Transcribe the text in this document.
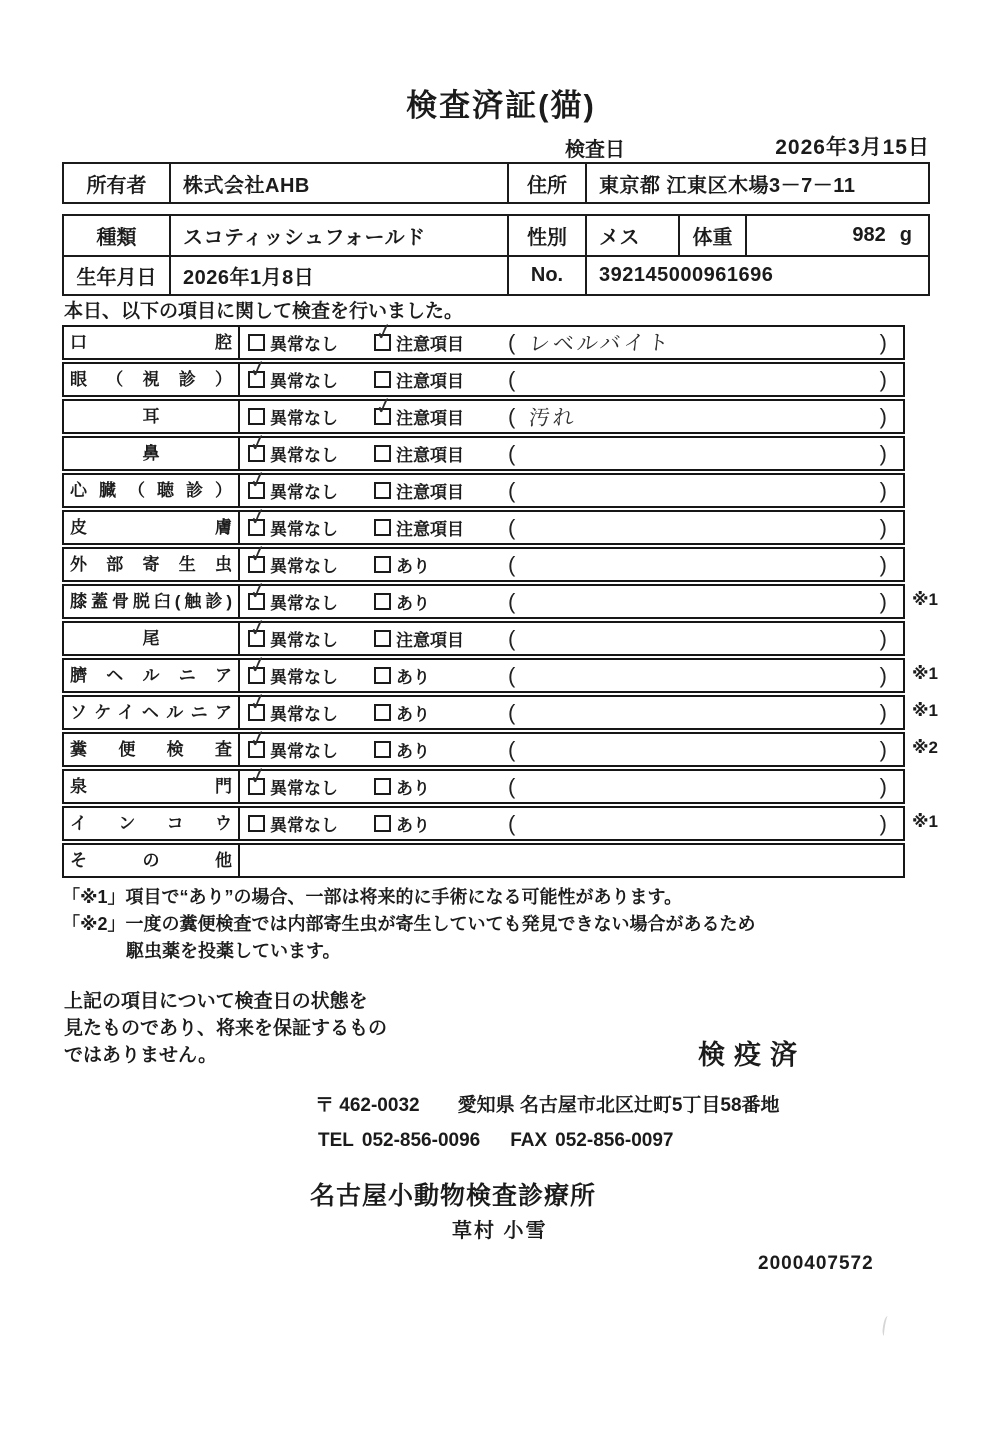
検査済証(猫)
検査日	2026年3月15日
所有者	株式会社AHB	住所	東京都 江東区木場3－7－11
種類	スコティッシュフォールド	性別	メス	体重	982 g
生年月日	2026年1月8日	No.	392145000961696
本日、以下の項目に関して検査を行いました。
口腔	異常なし ✓ 注意項目 ( レベルバイト	)
眼（視診） ✓ 異常なし	注意項目 (	)
耳	異常なし ✓ 注意項目 ( 汚れ	)
鼻	✓ 異常なし	注意項目 (	)
心臓（聴診） ✓ 異常なし	注意項目 (	)
皮膚 ✓ 異常なし	注意項目 (	)
外部寄生虫 ✓ 異常なし	あり	(	)
膝蓋骨脱臼(触診) ✓ 異常なし	あり	(	) ※1
尾	✓ 異常なし	注意項目 (	)
臍ヘルニア ✓ 異常なし	あり	(	) ※1
ソケイヘルニア ✓ 異常なし	あり	(	) ※1
糞便検査 ✓ 異常なし	あり	(	) ※2
泉門 ✓ 異常なし	あり	(	)
インコウ	異常なし	あり	(	) ※1
その他
「※1」項目で“あり”の場合、一部は将来的に手術になる可能性があります。
「※2」一度の糞便検査では内部寄生虫が寄生していても発見できない場合があるため
駆虫薬を投薬しています。
上記の項目について検査日の状態を
見たものであり、将来を保証するもの
ではありません。	検疫済
〒 462-0032 愛知県 名古屋市北区辻町5丁目58番地
TEL 052-856-0096 FAX 052-856-0097
名古屋小動物検査診療所
草村 小雪
2000407572
